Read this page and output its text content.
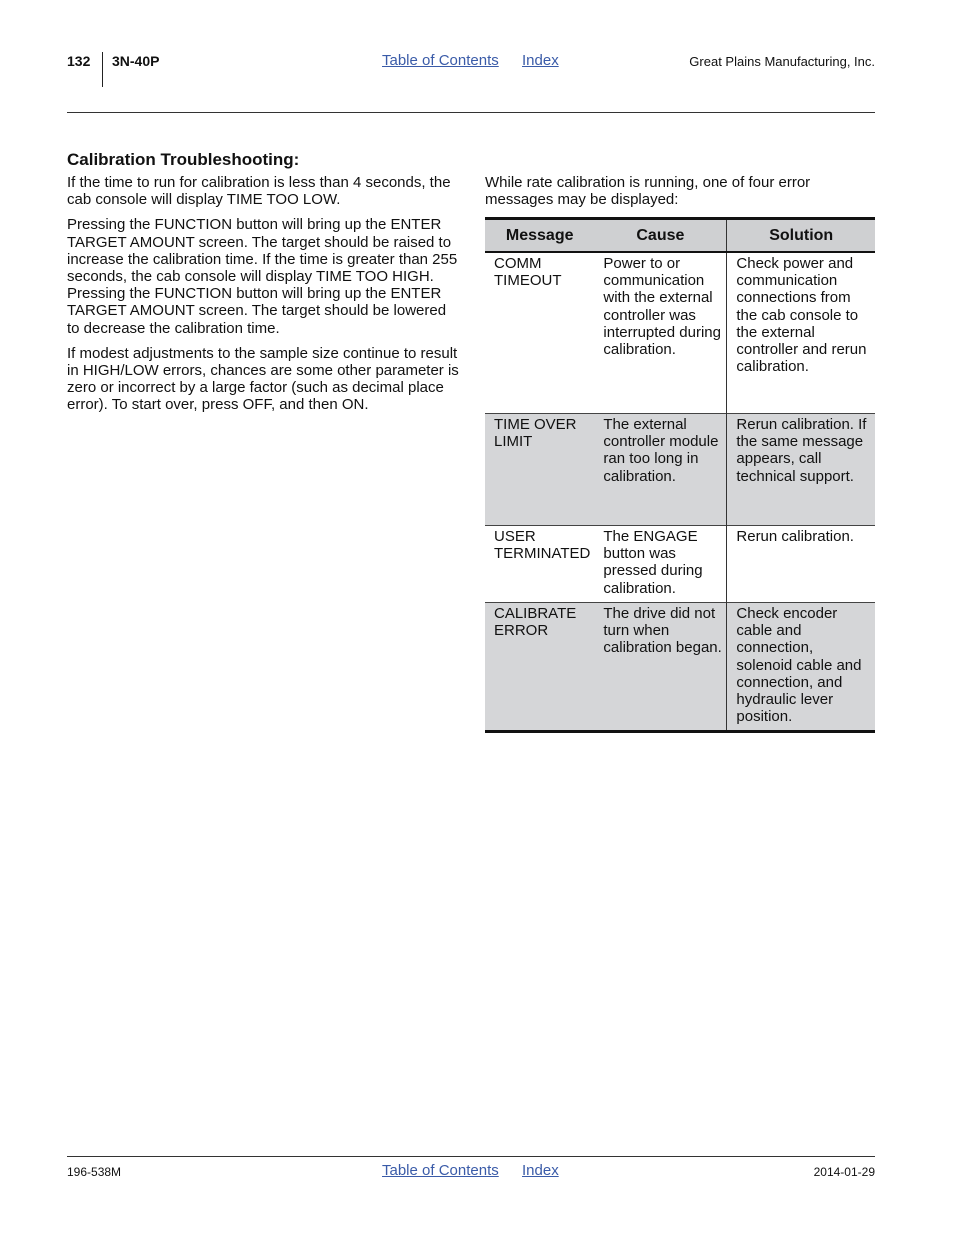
132 3N-40P	Table of Contents Index	Great Plains Manufacturing, Inc.
Calibration Troubleshooting:

If the time to run for calibration is less than 4 seconds, the cab console will display TIME TOO LOW.

Pressing the FUNCTION button will bring up the ENTER TARGET AMOUNT screen. The target should be raised to increase the calibration time. If the time is greater than 255 seconds, the cab console will display TIME TOO HIGH. Pressing the FUNCTION button will bring up the ENTER TARGET AMOUNT screen. The target should be lowered to decrease the calibration time.

If modest adjustments to the sample size continue to result in HIGH/LOW errors, chances are some other parameter is zero or incorrect by a large factor (such as decimal place error). To start over, press OFF, and then ON.

While rate calibration is running, one of four error messages may be displayed:

Message	Cause	Solution
COMM TIMEOUT	Power to or communication with the external controller was interrupted during calibration.	Check power and communication connections from the cab console to the external controller and rerun calibration.
TIME OVER LIMIT	The external controller module ran too long in calibration.	Rerun calibration. If the same message appears, call technical support.
USER TERMINATED	The ENGAGE button was pressed during calibration.	Rerun calibration.
CALIBRATE ERROR	The drive did not turn when calibration began.	Check encoder cable and connection, solenoid cable and connection, and hydraulic lever position.
196-538M	Table of Contents Index	2014-01-29
